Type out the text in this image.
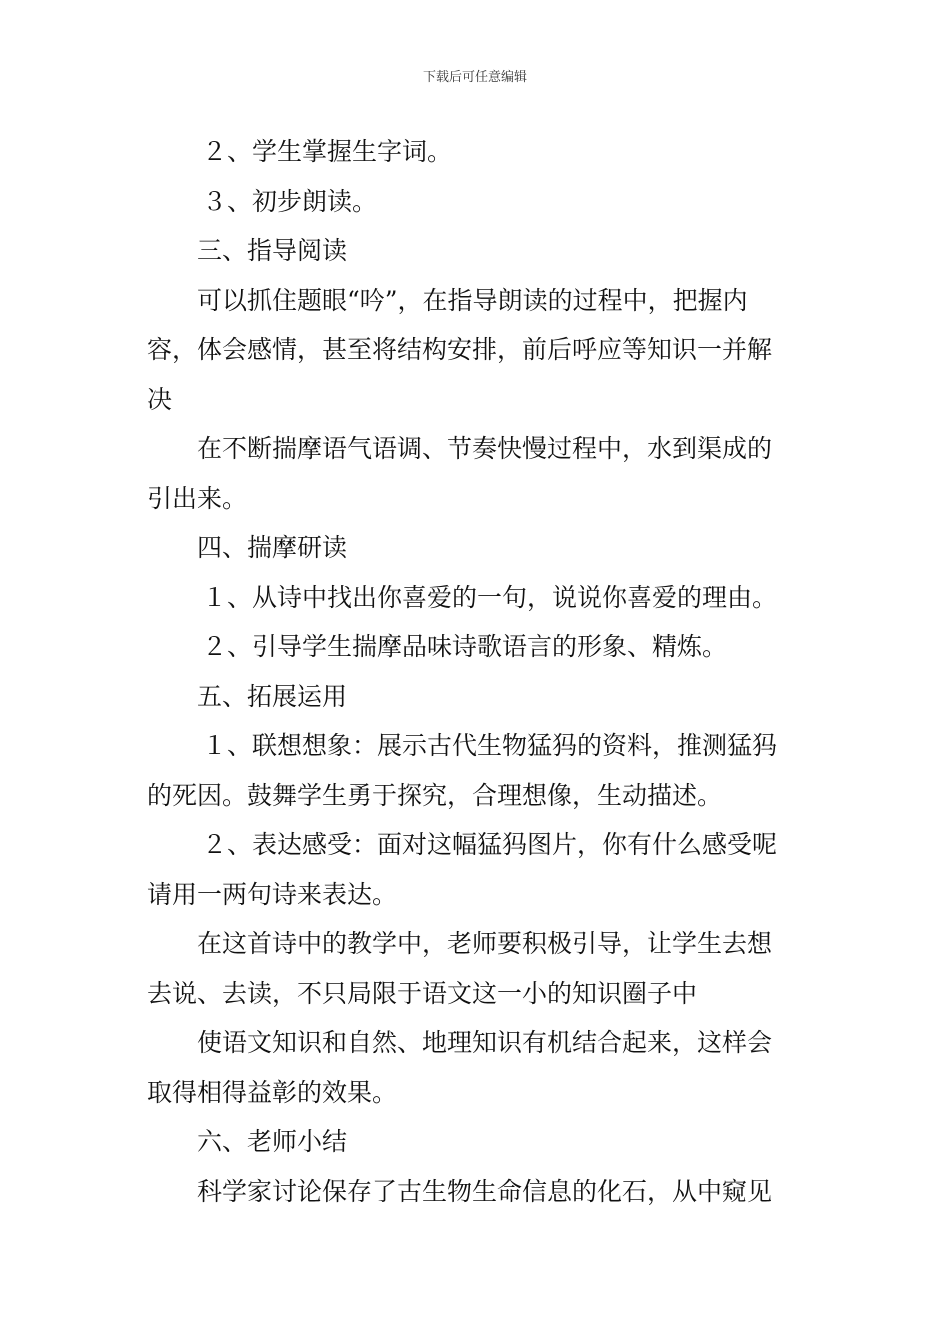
下载后可任意编辑
２、学生掌握生字词。
３、初步朗读。
三、指导阅读
可以抓住题眼“吟”，在指导朗读的过程中，把握内
容，体会感情，甚至将结构安排，前后呼应等知识一并解
决
在不断揣摩语气语调、节奏快慢过程中，水到渠成的
引出来。
四、揣摩研读
１、从诗中找出你喜爱的一句，说说你喜爱的理由。
２、引导学生揣摩品味诗歌语言的形象、精炼。
五、拓展运用
１、联想想象：展示古代生物猛犸的资料，推测猛犸
的死因。鼓舞学生勇于探究，合理想像，生动描述。
２、表达感受：面对这幅猛犸图片，你有什么感受呢
请用一两句诗来表达。
在这首诗中的教学中，老师要积极引导，让学生去想
去说、去读，不只局限于语文这一小的知识圈子中
使语文知识和自然、地理知识有机结合起来，这样会
取得相得益彰的效果。
六、老师小结
科学家讨论保存了古生物生命信息的化石，从中窥见
